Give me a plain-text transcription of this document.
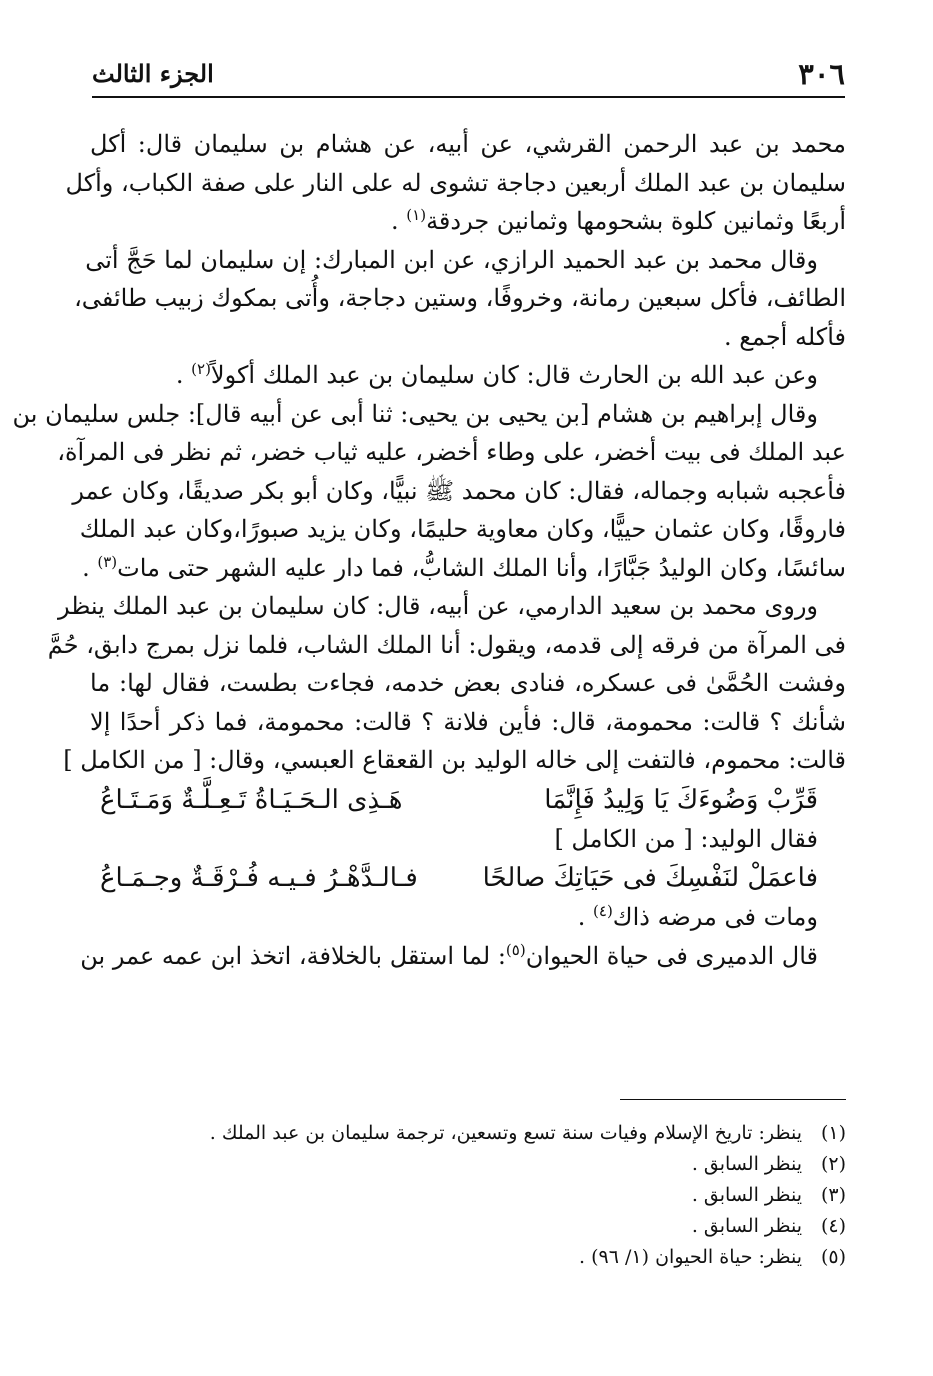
٣٠٦
الجزء الثالث
محمد بن عبد الرحمن القرشي، عن أبيه، عن هشام بن سليمان قال: أكل
سليمان بن عبد الملك أربعين دجاجة تشوى له على النار على صفة الكباب، وأكل
أربعًا وثمانين كلوة بشحومها وثمانين جردقة$^{(١)}$ .
وقال محمد بن عبد الحميد الرازي، عن ابن المبارك: إن سليمان لما حَجَّ أتى
الطائف، فأكل سبعين رمانة، وخروفًا، وستين دجاجة، وأُتى بمكوك زبيب طائفى،
فأكله أجمع .
وعن عبد الله بن الحارث قال: كان سليمان بن عبد الملك أكولاً$^{(٢)}$ .
وقال إبراهيم بن هشام [بن يحيى بن يحيى: ثنا أبى عن أبيه قال]: جلس سليمان بن
عبد الملك فى بيت أخضر، على وطاء أخضر، عليه ثياب خضر، ثم نظر فى المرآة،
فأعجبه شبابه وجماله، فقال: كان محمد ﷺ نبيًّا، وكان أبو بكر صديقًا، وكان عمر
فاروقًا، وكان عثمان حييًّا، وكان معاوية حليمًا، وكان يزيد صبورًا،وكان عبد الملك
سائسًا، وكان الوليدُ جَبَّارًا، وأنا الملك الشابُّ، فما دار عليه الشهر حتى مات$^{(٣)}$ .
وروى محمد بن سعيد الدارمي، عن أبيه، قال: كان سليمان بن عبد الملك ينظر
فى المرآة من فرقه إلى قدمه، ويقول: أنا الملك الشاب، فلما نزل بمرج دابق، حُمَّ
وفشت الحُمَّىٰ فى عسكره، فنادى بعض خدمه، فجاءت بطست، فقال لها: ما
شأنك ؟ قالت: محمومة، قال: فأين فلانة ؟ قالت: محمومة، فما ذكر أحدًا إلا
قالت: محموم، فالتفت إلى خاله الوليد بن القعقاع العبسي، وقال: [ من الكامل ]
قَرِّبْ وَضُوءَكَ يَا وَلِيدُ فَإِنَّمَا
هَـذِى الـحَـيَـاةُ تَـعِـلَّـةٌ وَمَـتَـاعُ
فقال الوليد: [ من الكامل ]
فاعمَلْ لنَفْسِكَ فى حَيَاتِكَ صالحًا
فـالـدَّهْـرُ فـيـه فُـرْقَـةٌ وجـمَـاعُ
ومات فى مرضه ذاك$^{(٤)}$ .
قال الدميرى فى حياة الحيوان$^{(٥)}$: لما استقل بالخلافة، اتخذ ابن عمه عمر بن
(١)ينظر: تاريخ الإسلام وفيات سنة تسع وتسعين، ترجمة سليمان بن عبد الملك .
(٢)ينظر السابق .
(٣)ينظر السابق .
(٤)ينظر السابق .
(٥)ينظر: حياة الحيوان (١/ ٩٦) .
